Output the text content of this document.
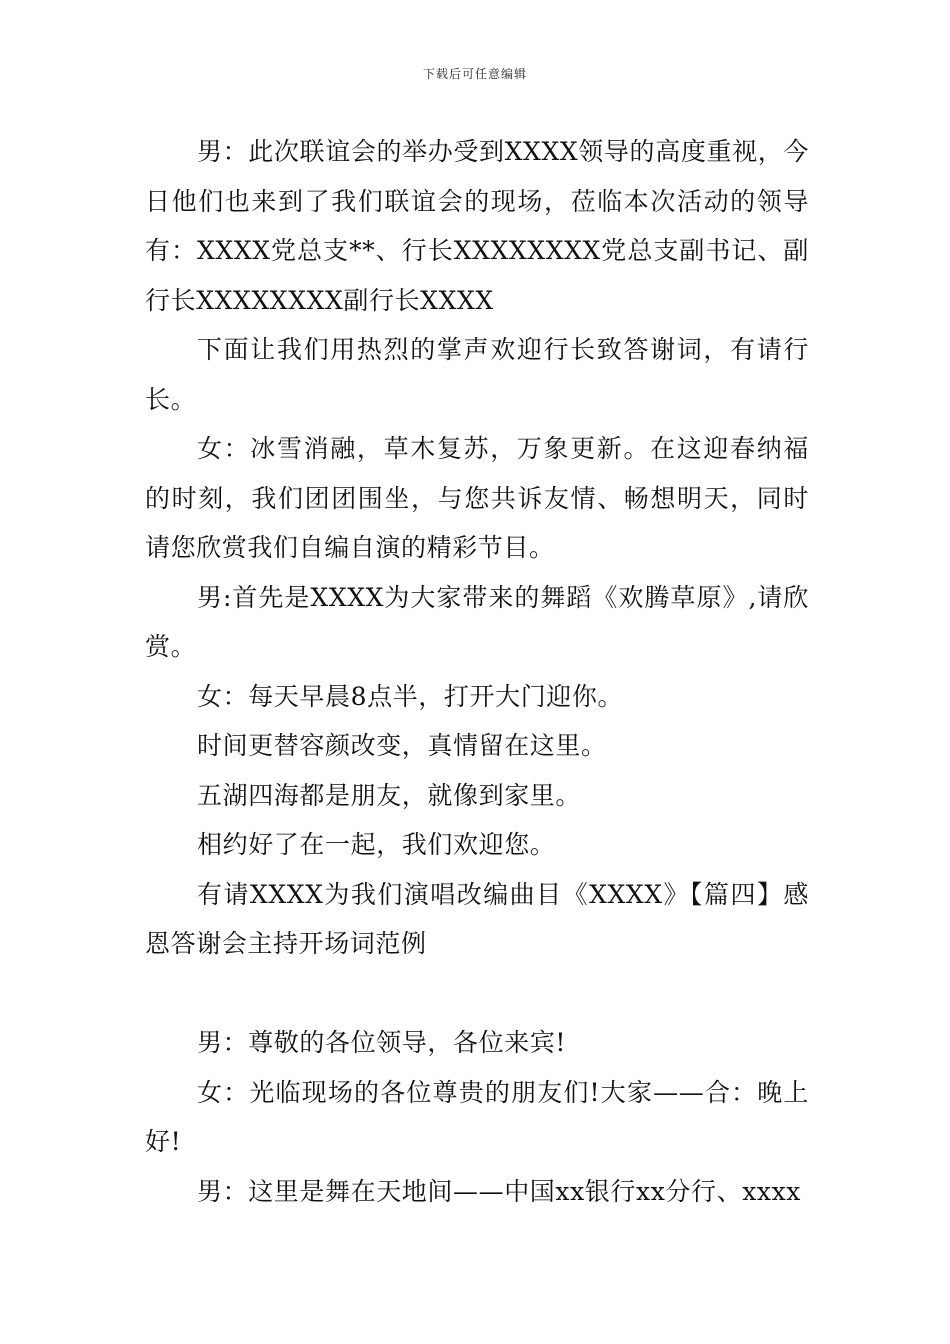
下载后可任意编辑

男：此次联谊会的举办受到XXXX领导的高度重视，今日他们也来到了我们联谊会的现场，莅临本次活动的领导有：XXXX党总支**、行长XXXXXXXX党总支副书记、副行长XXXXXXXX副行长XXXX

下面让我们用热烈的掌声欢迎行长致答谢词，有请行长。

女：冰雪消融，草木复苏，万象更新。在这迎春纳福的时刻，我们团团围坐，与您共诉友情、畅想明天，同时请您欣赏我们自编自演的精彩节目。

男:首先是XXXX为大家带来的舞蹈《欢腾草原》,请欣赏。

女：每天早晨8点半，打开大门迎你。

时间更替容颜改变，真情留在这里。

五湖四海都是朋友，就像到家里。

相约好了在一起，我们欢迎您。

有请XXXX为我们演唱改编曲目《XXXX》【篇四】感恩答谢会主持开场词范例

男：尊敬的各位领导，各位来宾!

女：光临现场的各位尊贵的朋友们!大家——合：晚上好!

男：这里是舞在天地间——中国xx银行xx分行、xxxx
